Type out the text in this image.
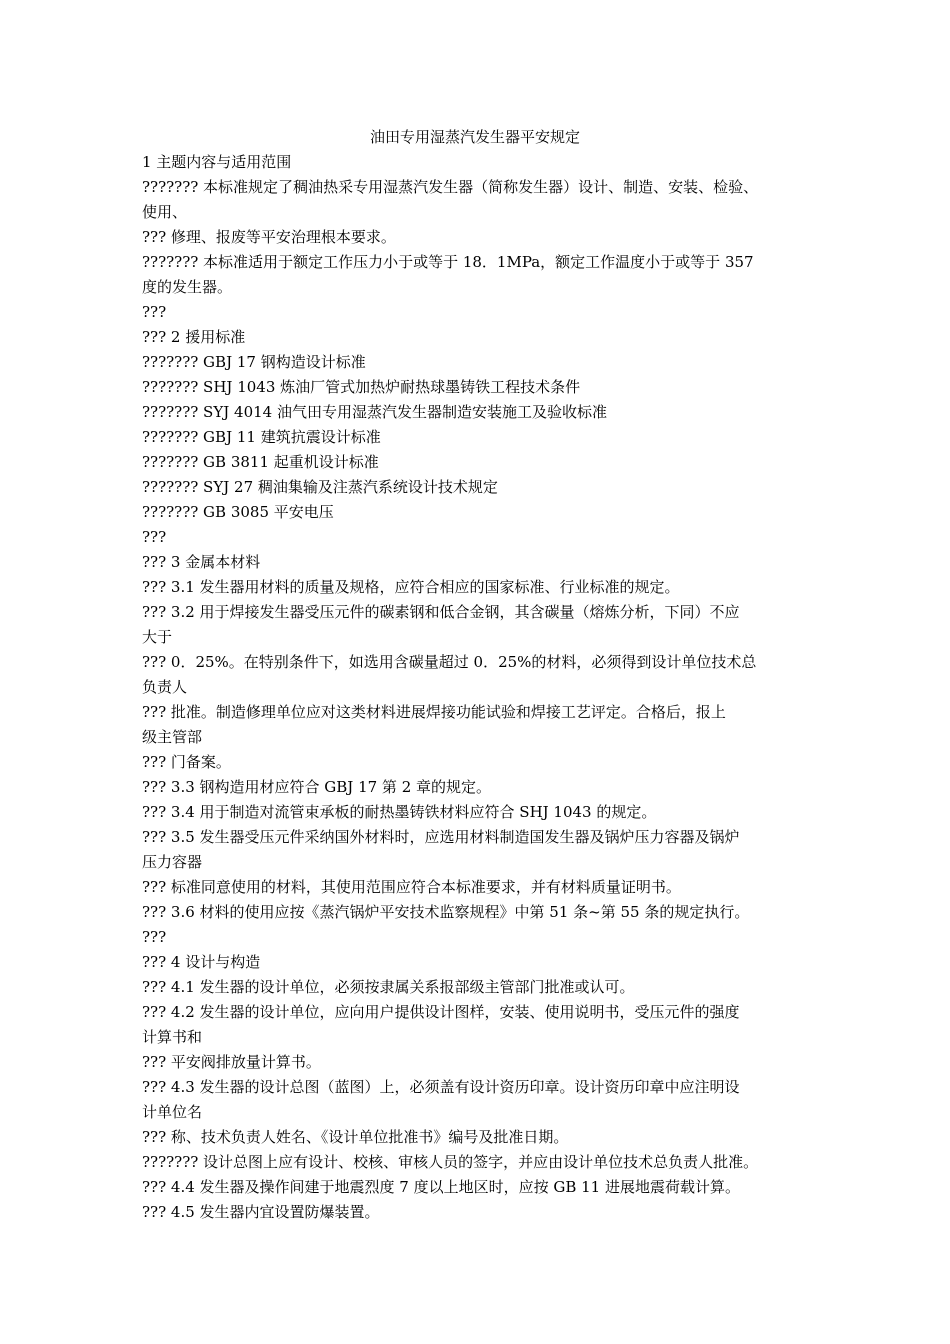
油田专用湿蒸汽发生器平安规定
1 主题内容与适用范围
??????? 本标准规定了稠油热采专用湿蒸汽发生器（简称发生器）设计、制造、安装、检验、
使用、
??? 修理、报废等平安治理根本要求。
??????? 本标准适用于额定工作压力小于或等于 18．1MPa，额定工作温度小于或等于 357
度的发生器。
???
??? 2 援用标准
??????? GBJ 17 钢构造设计标准
??????? SHJ 1043 炼油厂管式加热炉耐热球墨铸铁工程技术条件
??????? SYJ 4014 油气田专用湿蒸汽发生器制造安装施工及验收标准
??????? GBJ 11 建筑抗震设计标准
??????? GB 3811 起重机设计标准
??????? SYJ 27 稠油集输及注蒸汽系统设计技术规定
??????? GB 3085 平安电压
???
??? 3 金属本材料
??? 3.1 发生器用材料的质量及规格，应符合相应的国家标准、行业标准的规定。
??? 3.2 用于焊接发生器受压元件的碳素钢和低合金钢，其含碳量（熔炼分析，下同）不应
大于
??? 0．25%。在特别条件下，如选用含碳量超过 0．25%的材料，必须得到设计单位技术总
负责人
??? 批准。制造修理单位应对这类材料进展焊接功能试验和焊接工艺评定。合格后，报上
级主管部
??? 门备案。
??? 3.3 钢构造用材应符合 GBJ 17 第 2 章的规定。
??? 3.4 用于制造对流管束承板的耐热墨铸铁材料应符合 SHJ 1043 的规定。
??? 3.5 发生器受压元件采纳国外材料时，应选用材料制造国发生器及锅炉压力容器及锅炉
压力容器
??? 标准同意使用的材料，其使用范围应符合本标准要求，并有材料质量证明书。
??? 3.6 材料的使用应按《蒸汽锅炉平安技术监察规程》中第 51 条~第 55 条的规定执行。
???
??? 4 设计与构造
??? 4.1 发生器的设计单位，必须按隶属关系报部级主管部门批准或认可。
??? 4.2 发生器的设计单位，应向用户提供设计图样，安装、使用说明书，受压元件的强度
计算书和
??? 平安阀排放量计算书。
??? 4.3 发生器的设计总图（蓝图）上，必须盖有设计资历印章。设计资历印章中应注明设
计单位名
??? 称、技术负责人姓名、《设计单位批准书》编号及批准日期。
??????? 设计总图上应有设计、校核、审核人员的签字，并应由设计单位技术总负责人批准。
??? 4.4 发生器及操作间建于地震烈度 7 度以上地区时，应按 GB 11 进展地震荷载计算。
??? 4.5 发生器内宜设置防爆装置。
